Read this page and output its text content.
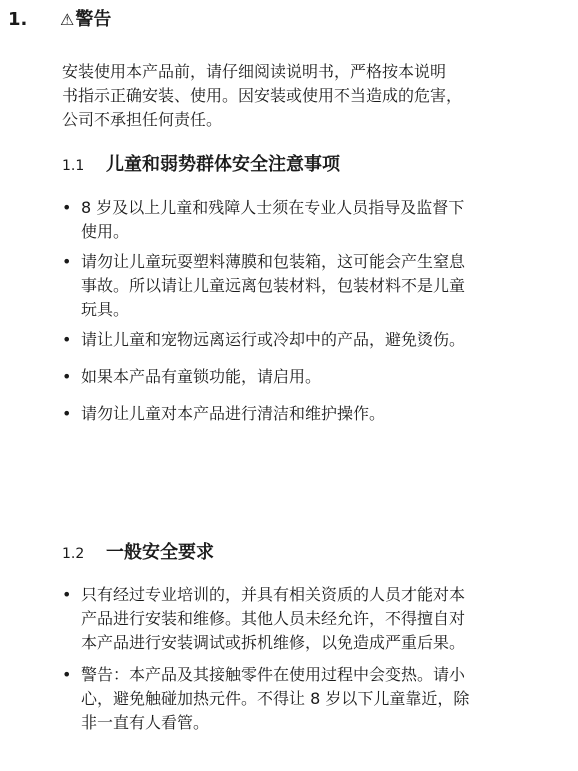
1. ⚠警告

安装使用本产品前，请仔细阅读说明书，严格按本说明

书指示正确安装、使用。因安装或使用不当造成的危害，

公司不承担任何责任。

1.1 儿童和弱势群体安全注意事项
• 8 岁及以上儿童和残障人士须在专业人员指导及监督下
使用。
• 请勿让儿童玩耍塑料薄膜和包装箱，这可能会产生窒息
事故。所以请让儿童远离包装材料，包装材料不是儿童
玩具。
• 请让儿童和宠物远离运行或冷却中的产品，避免烫伤。
• 如果本产品有童锁功能，请启用。
• 请勿让儿童对本产品进行清洁和维护操作。
1.2 一般安全要求
• 只有经过专业培训的，并具有相关资质的人员才能对本
产品进行安装和维修。其他人员未经允许，不得擅自对
本产品进行安装调试或拆机维修，以免造成严重后果。
• 警告：本产品及其接触零件在使用过程中会变热。请小
心，避免触碰加热元件。不得让 8 岁以下儿童靠近，除
非一直有人看管。
